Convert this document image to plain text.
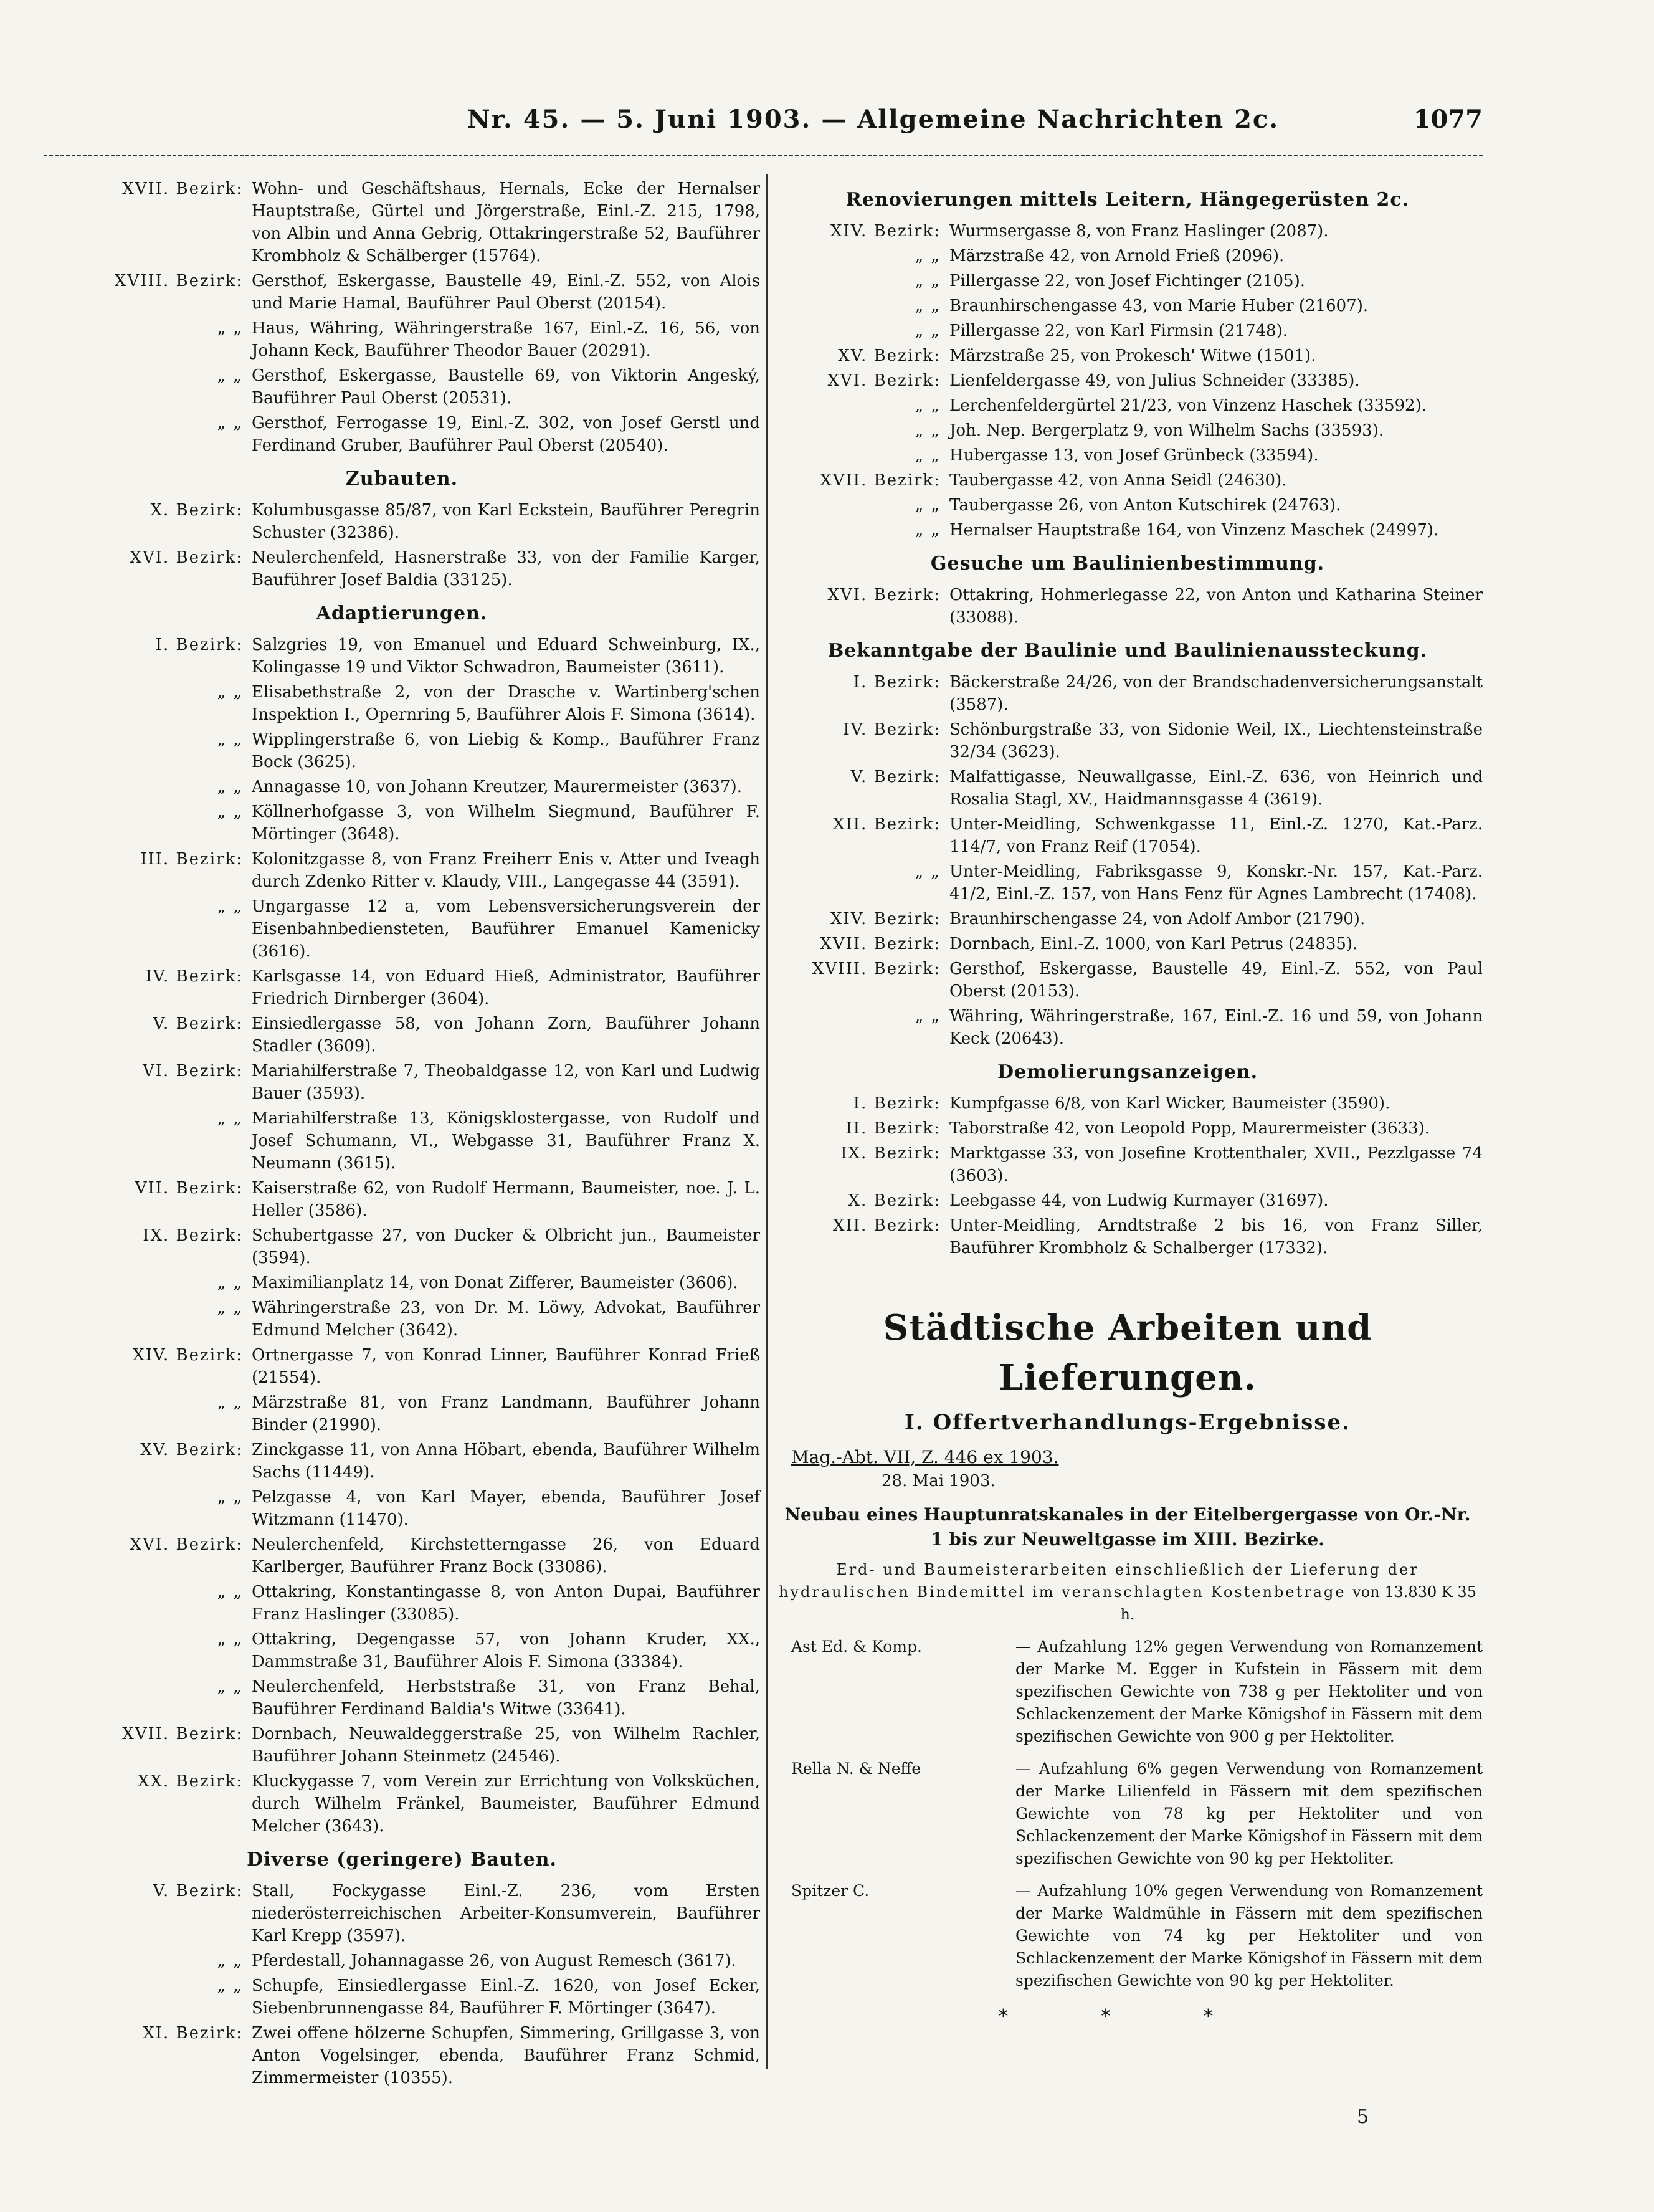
Nr. 45. — 5. Juni 1903. — Allgemeine Nachrichten 2c.	1077
XVII. Bezirk: Wohn- und Geschäftshaus, Hernals, Ecke der Hernalser Hauptstraße, Gürtel und Jörgerstraße, Einl.-Z. 215, 1798, von Albin und Anna Gebrig, Ottakringerstraße 52, Bauführer Krombholz & Schälberger (15764).
XVIII. Bezirk: Gersthof, Eskergasse, Baustelle 49, Einl.-Z. 552, von Alois und Marie Hamal, Bauführer Paul Oberst (20154).
„ „ Haus, Währing, Währingerstraße 167, Einl.-Z. 16, 56, von Johann Keck, Bauführer Theodor Bauer (20291).
„ „ Gersthof, Eskergasse, Baustelle 69, von Viktorin Angeský, Bauführer Paul Oberst (20531).
„ „ Gersthof, Ferrogasse 19, Einl.-Z. 302, von Josef Gerstl und Ferdinand Gruber, Bauführer Paul Oberst (20540).
Zubauten.
X. Bezirk: Kolumbusgasse 85/87, von Karl Eckstein, Bauführer Peregrin Schuster (32386).
XVI. Bezirk: Neulerchenfeld, Hasnerstraße 33, von der Familie Karger, Bauführer Josef Baldia (33125).
Adaptierungen.
I. Bezirk: Salzgries 19, von Emanuel und Eduard Schweinburg, IX., Kolingasse 19 und Viktor Schwadron, Baumeister (3611).
„ „ Elisabethstraße 2, von der Drasche v. Wartinberg'schen Inspektion I., Opernring 5, Bauführer Alois F. Simona (3614).
„ „ Wipplingerstraße 6, von Liebig & Komp., Bauführer Franz Bock (3625).
„ „ Annagasse 10, von Johann Kreutzer, Maurermeister (3637).
„ „ Köllnerhofgasse 3, von Wilhelm Siegmund, Bauführer F. Mörtinger (3648).
III. Bezirk: Kolonitzgasse 8, von Franz Freiherr Enis v. Atter und Iveagh durch Zdenko Ritter v. Klaudy, VIII., Langegasse 44 (3591).
„ „ Ungargasse 12 a, vom Lebensversicherungsverein der Eisenbahnbediensteten, Bauführer Emanuel Kamenicky (3616).
IV. Bezirk: Karlsgasse 14, von Eduard Hieß, Administrator, Bauführer Friedrich Dirnberger (3604).
V. Bezirk: Einsiedlergasse 58, von Johann Zorn, Bauführer Johann Stadler (3609).
VI. Bezirk: Mariahilferstraße 7, Theobaldgasse 12, von Karl und Ludwig Bauer (3593).
„ „ Mariahilferstraße 13, Königsklostergasse, von Rudolf und Josef Schumann, VI., Webgasse 31, Bauführer Franz X. Neumann (3615).
VII. Bezirk: Kaiserstraße 62, von Rudolf Hermann, Baumeister, noe. J. L. Heller (3586).
IX. Bezirk: Schubertgasse 27, von Ducker & Olbricht jun., Baumeister (3594).
„ „ Maximilianplatz 14, von Donat Zifferer, Baumeister (3606).
„ „ Währingerstraße 23, von Dr. M. Löwy, Advokat, Bauführer Edmund Melcher (3642).
XIV. Bezirk: Ortnergasse 7, von Konrad Linner, Bauführer Konrad Frieß (21554).
„ „ Märzstraße 81, von Franz Landmann, Bauführer Johann Binder (21990).
XV. Bezirk: Zinckgasse 11, von Anna Höbart, ebenda, Bauführer Wilhelm Sachs (11449).
„ „ Pelzgasse 4, von Karl Mayer, ebenda, Bauführer Josef Witzmann (11470).
XVI. Bezirk: Neulerchenfeld, Kirchstetterngasse 26, von Eduard Karlberger, Bauführer Franz Bock (33086).
„ „ Ottakring, Konstantingasse 8, von Anton Dupai, Bauführer Franz Haslinger (33085).
„ „ Ottakring, Degengasse 57, von Johann Kruder, XX., Dammstraße 31, Bauführer Alois F. Simona (33384).
„ „ Neulerchenfeld, Herbststraße 31, von Franz Behal, Bauführer Ferdinand Baldia's Witwe (33641).
XVII. Bezirk: Dornbach, Neuwaldeggerstraße 25, von Wilhelm Rachler, Bauführer Johann Steinmetz (24546).
XX. Bezirk: Kluckygasse 7, vom Verein zur Errichtung von Volksküchen, durch Wilhelm Fränkel, Baumeister, Bauführer Edmund Melcher (3643).
Diverse (geringere) Bauten.
V. Bezirk: Stall, Fockygasse Einl.-Z. 236, vom Ersten niederösterreichischen Arbeiter-Konsumverein, Bauführer Karl Krepp (3597).
„ „ Pferdestall, Johannagasse 26, von August Remesch (3617).
„ „ Schupfe, Einsiedlergasse Einl.-Z. 1620, von Josef Ecker, Siebenbrunnengasse 84, Bauführer F. Mörtinger (3647).
XI. Bezirk: Zwei offene hölzerne Schupfen, Simmering, Grillgasse 3, von Anton Vogelsinger, ebenda, Bauführer Franz Schmid, Zimmermeister (10355).
Renovierungen mittels Leitern, Hängegerüsten 2c.
XIV. Bezirk: Wurmsergasse 8, von Franz Haslinger (2087).
„ „ Märzstraße 42, von Arnold Frieß (2096).
„ „ Pillergasse 22, von Josef Fichtinger (2105).
„ „ Braunhirschengasse 43, von Marie Huber (21607).
„ „ Pillergasse 22, von Karl Firmsin (21748).
XV. Bezirk: Märzstraße 25, von Prokesch' Witwe (1501).
XVI. Bezirk: Lienfeldergasse 49, von Julius Schneider (33385).
„ „ Lerchenfeldergürtel 21/23, von Vinzenz Haschek (33592).
„ „ Joh. Nep. Bergerplatz 9, von Wilhelm Sachs (33593).
„ „ Hubergasse 13, von Josef Grünbeck (33594).
XVII. Bezirk: Taubergasse 42, von Anna Seidl (24630).
„ „ Taubergasse 26, von Anton Kutschirek (24763).
„ „ Hernalser Hauptstraße 164, von Vinzenz Maschek (24997).
Gesuche um Baulinienbestimmung.
XVI. Bezirk: Ottakring, Hohmerlegasse 22, von Anton und Katharina Steiner (33088).
Bekanntgabe der Baulinie und Baulinienaussteckung.
I. Bezirk: Bäckerstraße 24/26, von der Brandschadenversicherungsanstalt (3587).
IV. Bezirk: Schönburgstraße 33, von Sidonie Weil, IX., Liechtensteinstraße 32/34 (3623).
V. Bezirk: Malfattigasse, Neuwallgasse, Einl.-Z. 636, von Heinrich und Rosalia Stagl, XV., Haidmannsgasse 4 (3619).
XII. Bezirk: Unter-Meidling, Schwenkgasse 11, Einl.-Z. 1270, Kat.-Parz. 114/7, von Franz Reif (17054).
„ „ Unter-Meidling, Fabriksgasse 9, Konskr.-Nr. 157, Kat.-Parz. 41/2, Einl.-Z. 157, von Hans Fenz für Agnes Lambrecht (17408).
XIV. Bezirk: Braunhirschengasse 24, von Adolf Ambor (21790).
XVII. Bezirk: Dornbach, Einl.-Z. 1000, von Karl Petrus (24835).
XVIII. Bezirk: Gersthof, Eskergasse, Baustelle 49, Einl.-Z. 552, von Paul Oberst (20153).
„ „ Währing, Währingerstraße, 167, Einl.-Z. 16 und 59, von Johann Keck (20643).
Demolierungsanzeigen.
I. Bezirk: Kumpfgasse 6/8, von Karl Wicker, Baumeister (3590).
II. Bezirk: Taborstraße 42, von Leopold Popp, Maurermeister (3633).
IX. Bezirk: Marktgasse 33, von Josefine Krottenthaler, XVII., Pezzlgasse 74 (3603).
X. Bezirk: Leebgasse 44, von Ludwig Kurmayer (31697).
XII. Bezirk: Unter-Meidling, Arndtstraße 2 bis 16, von Franz Siller, Bauführer Krombholz & Schalberger (17332).
Städtische Arbeiten und Lieferungen.
I. Offertverhandlungs-Ergebnisse.
Mag.-Abt. VII, Z. 446 ex 1903.
28. Mai 1903.
Neubau eines Hauptunratskanales in der Eitelbergergasse von Or.-Nr. 1 bis zur Neuweltgasse im XIII. Bezirke.
Erd- und Baumeisterarbeiten einschließlich der Lieferung der hydraulischen Bindemittel im veranschlagten Kostenbetrage von 13.830 K 35 h.
Ast Ed. & Komp.	— Aufzahlung 12% gegen Verwendung von Romanzement der Marke M. Egger in Kufstein in Fässern mit dem spezifischen Gewichte von 738 g per Hektoliter und von Schlackenzement der Marke Königshof in Fässern mit dem spezifischen Gewichte von 900 g per Hektoliter.
Rella N. & Neffe	— Aufzahlung 6% gegen Verwendung von Romanzement der Marke Lilienfeld in Fässern mit dem spezifischen Gewichte von 78 kg per Hektoliter und von Schlackenzement der Marke Königshof in Fässern mit dem spezifischen Gewichte von 90 kg per Hektoliter.
Spitzer C.	— Aufzahlung 10% gegen Verwendung von Romanzement der Marke Waldmühle in Fässern mit dem spezifischen Gewichte von 74 kg per Hektoliter und von Schlackenzement der Marke Königshof in Fässern mit dem spezifischen Gewichte von 90 kg per Hektoliter.
* * *
5
